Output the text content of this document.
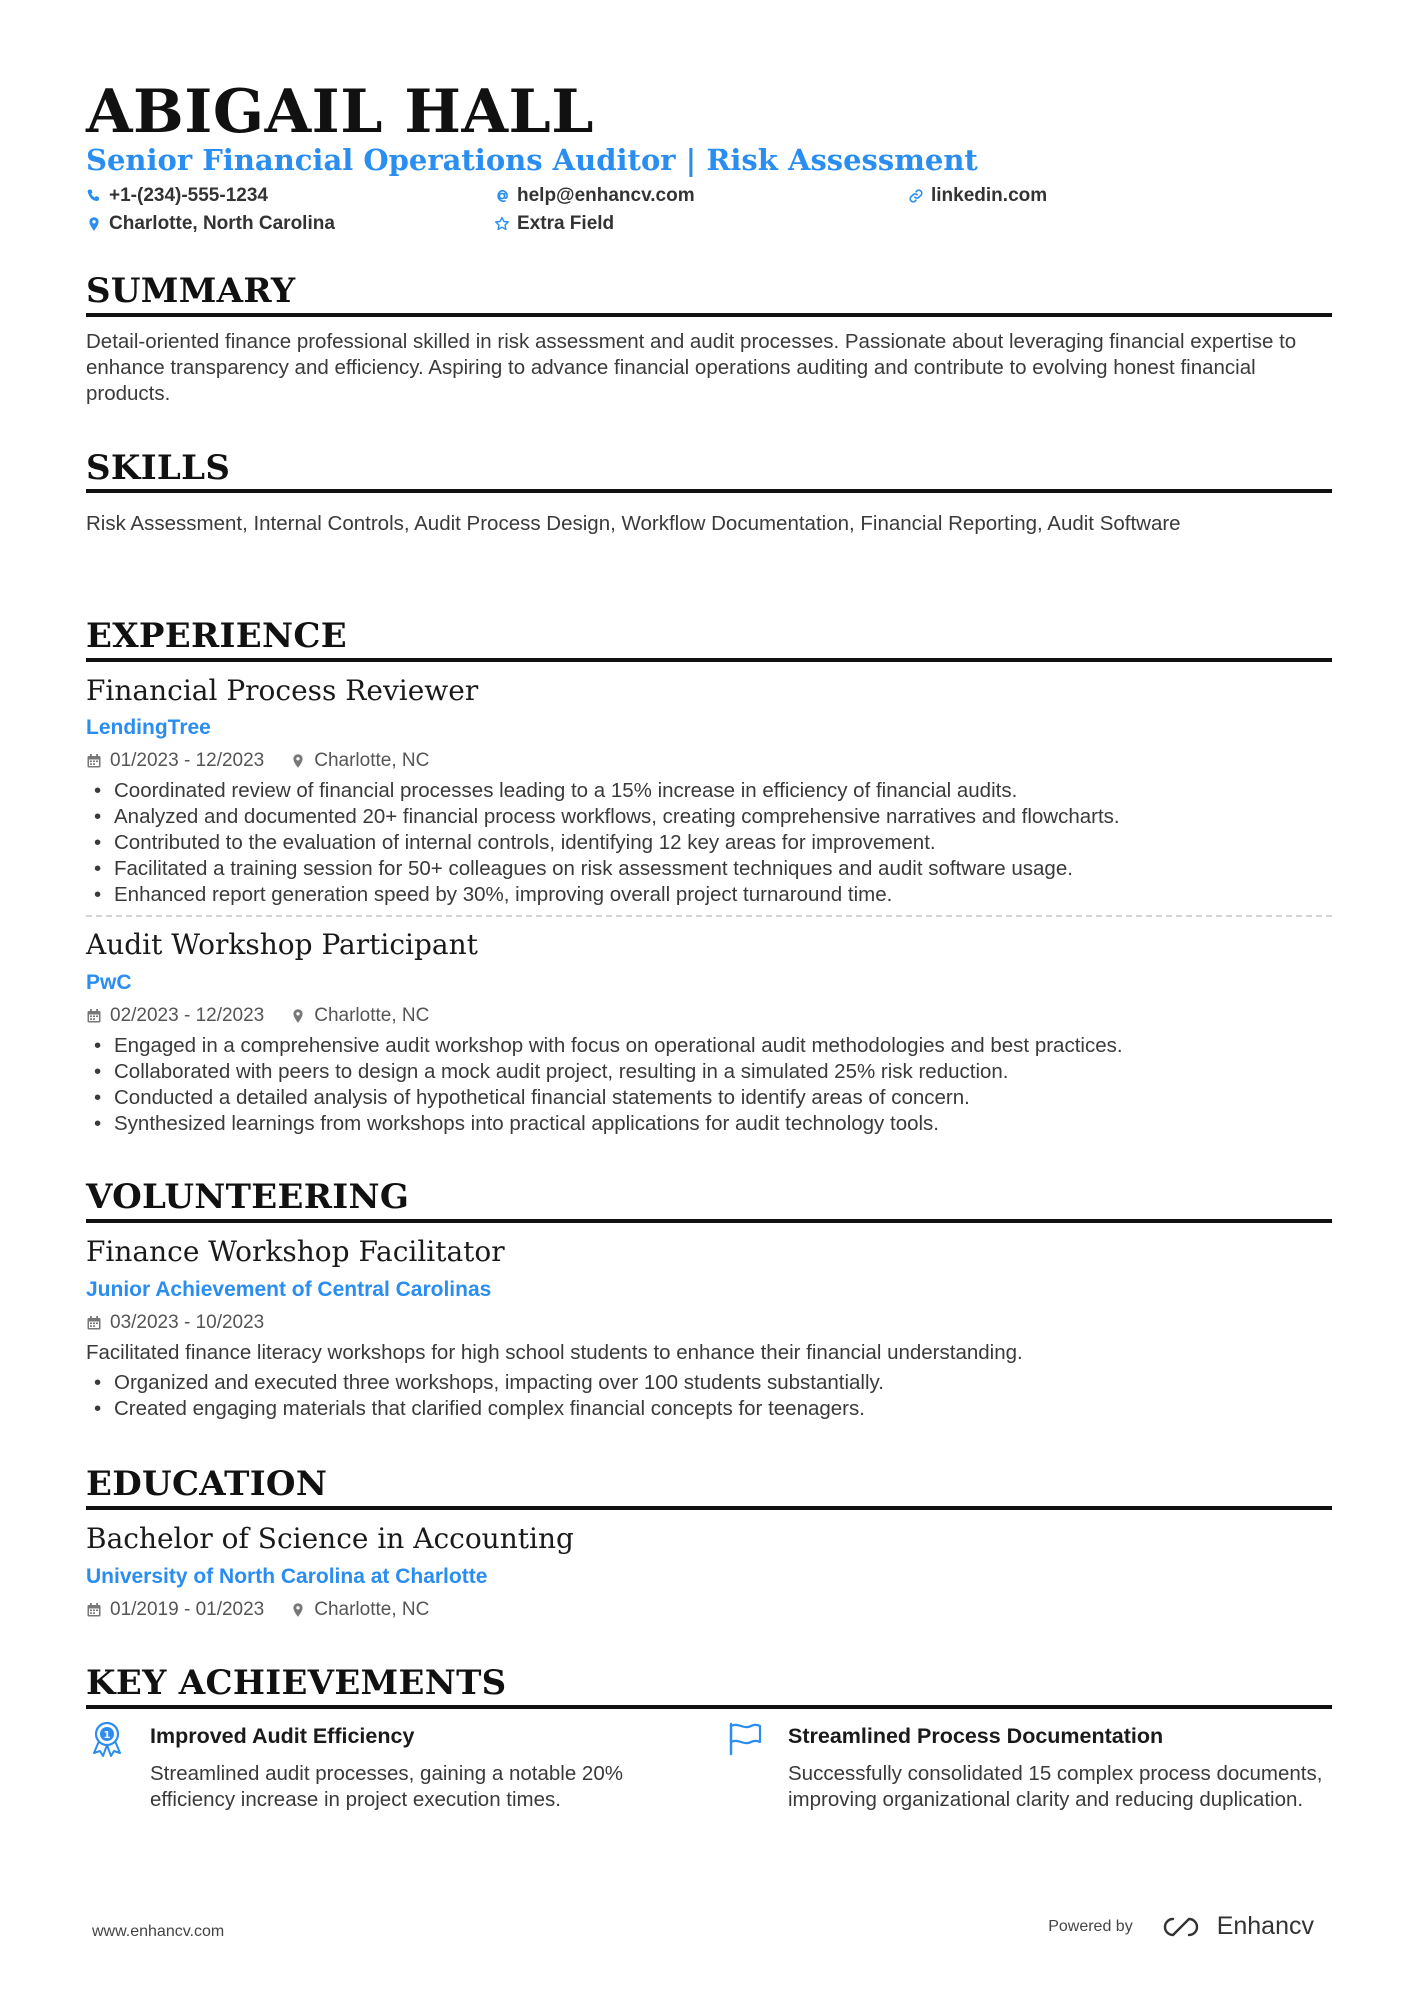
ABIGAIL HALL
Senior Financial Operations Auditor | Risk Assessment
+1-(234)-555-1234	help@enhancv.com	linkedin.com
Charlotte, North Carolina	Extra Field
SUMMARY
Detail-oriented finance professional skilled in risk assessment and audit processes. Passionate about leveraging financial expertise to enhance transparency and efficiency. Aspiring to advance financial operations auditing and contribute to evolving honest financial products.
SKILLS
Risk Assessment, Internal Controls, Audit Process Design, Workflow Documentation, Financial Reporting, Audit Software
EXPERIENCE
Financial Process Reviewer
LendingTree
01/2023 - 12/2023	Charlotte, NC
• Coordinated review of financial processes leading to a 15% increase in efficiency of financial audits.
• Analyzed and documented 20+ financial process workflows, creating comprehensive narratives and flowcharts.
• Contributed to the evaluation of internal controls, identifying 12 key areas for improvement.
• Facilitated a training session for 50+ colleagues on risk assessment techniques and audit software usage.
• Enhanced report generation speed by 30%, improving overall project turnaround time.
Audit Workshop Participant
PwC
02/2023 - 12/2023	Charlotte, NC
• Engaged in a comprehensive audit workshop with focus on operational audit methodologies and best practices.
• Collaborated with peers to design a mock audit project, resulting in a simulated 25% risk reduction.
• Conducted a detailed analysis of hypothetical financial statements to identify areas of concern.
• Synthesized learnings from workshops into practical applications for audit technology tools.
VOLUNTEERING
Finance Workshop Facilitator
Junior Achievement of Central Carolinas
03/2023 - 10/2023
Facilitated finance literacy workshops for high school students to enhance their financial understanding.
• Organized and executed three workshops, impacting over 100 students substantially.
• Created engaging materials that clarified complex financial concepts for teenagers.
EDUCATION
Bachelor of Science in Accounting
University of North Carolina at Charlotte
01/2019 - 01/2023	Charlotte, NC
KEY ACHIEVEMENTS
1 Improved Audit Efficiency
Streamlined audit processes, gaining a notable 20% efficiency increase in project execution times.
Streamlined Process Documentation
Successfully consolidated 15 complex process documents, improving organizational clarity and reducing duplication.
www.enhancv.com	Powered by	Enhancv
